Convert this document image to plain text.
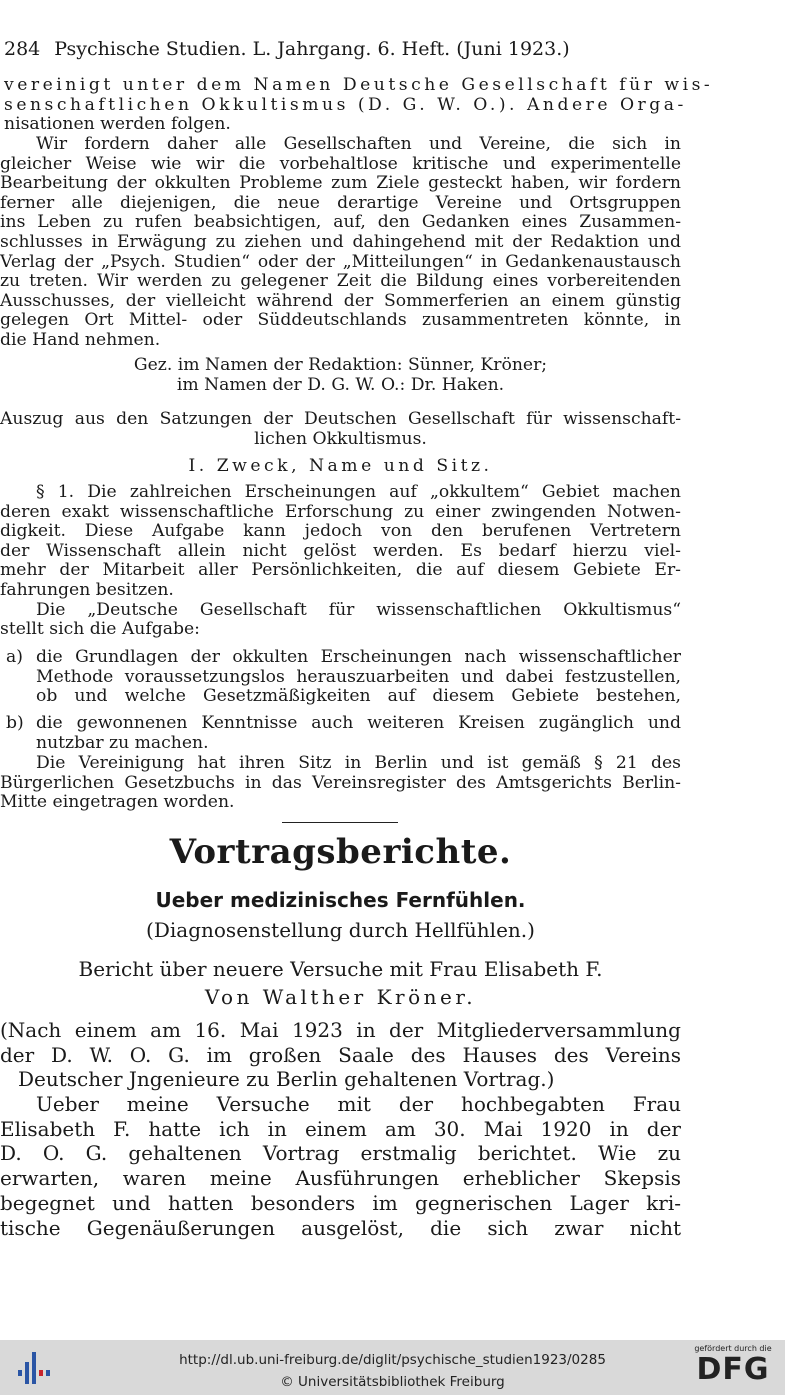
284 Psychische Studien. L. Jahrgang. 6. Heft. (Juni 1923.)
vereinigt unter dem Namen Deutsche Gesellschaft für wis-
senschaftlichen Okkultismus (D. G. W. O.). Andere Orga-
nisationen werden folgen.
Wir fordern daher alle Gesellschaften und Vereine, die sich in
gleicher Weise wie wir die vorbehaltlose kritische und experimentelle
Bearbeitung der okkulten Probleme zum Ziele gesteckt haben, wir fordern
ferner alle diejenigen, die neue derartige Vereine und Ortsgruppen
ins Leben zu rufen beabsichtigen, auf, den Gedanken eines Zusammen-
schlusses in Erwägung zu ziehen und dahingehend mit der Redaktion und
Verlag der „Psych. Studien“ oder der „Mitteilungen“ in Gedankenaustausch
zu treten. Wir werden zu gelegener Zeit die Bildung eines vorbereitenden
Ausschusses, der vielleicht während der Sommerferien an einem günstig
gelegen Ort Mittel- oder Süddeutschlands zusammentreten könnte, in
die Hand nehmen.
Gez. im Namen der Redaktion: Sünner, Kröner;
im Namen der D. G. W. O.: Dr. Haken.
Auszug aus den Satzungen der Deutschen Gesellschaft für wissenschaft-
lichen Okkultismus.
I. Zweck, Name und Sitz.
§ 1. Die zahlreichen Erscheinungen auf „okkultem“ Gebiet machen
deren exakt wissenschaftliche Erforschung zu einer zwingenden Notwen-
digkeit. Diese Aufgabe kann jedoch von den berufenen Vertretern
der Wissenschaft allein nicht gelöst werden. Es bedarf hierzu viel-
mehr der Mitarbeit aller Persönlichkeiten, die auf diesem Gebiete Er-
fahrungen besitzen.
Die „Deutsche Gesellschaft für wissenschaftlichen Okkultismus“
stellt sich die Aufgabe:
a) die Grundlagen der okkulten Erscheinungen nach wissenschaftlicher
Methode voraussetzungslos herauszuarbeiten und dabei festzustellen,
ob und welche Gesetzmäßigkeiten auf diesem Gebiete bestehen,
b) die gewonnenen Kenntnisse auch weiteren Kreisen zugänglich und
nutzbar zu machen.
Die Vereinigung hat ihren Sitz in Berlin und ist gemäß § 21 des
Bürgerlichen Gesetzbuchs in das Vereinsregister des Amtsgerichts Berlin-
Mitte eingetragen worden.
Vortragsberichte.
Ueber medizinisches Fernfühlen.
(Diagnosenstellung durch Hellfühlen.)
Bericht über neuere Versuche mit Frau Elisabeth F.
Von Walther Kröner.
(Nach einem am 16. Mai 1923 in der Mitgliederversammlung
der D. W. O. G. im großen Saale des Hauses des Vereins
Deutscher Jngenieure zu Berlin gehaltenen Vortrag.)
Ueber meine Versuche mit der hochbegabten Frau
Elisabeth F. hatte ich in einem am 30. Mai 1920 in der
D. O. G. gehaltenen Vortrag erstmalig berichtet. Wie zu
erwarten, waren meine Ausführungen erheblicher Skepsis
begegnet und hatten besonders im gegnerischen Lager kri-
tische Gegenäußerungen ausgelöst, die sich zwar nicht
http://dl.ub.uni-freiburg.de/diglit/psychische_studien1923/0285
© Universitätsbibliothek Freiburg
gefördert durch die
DFG
